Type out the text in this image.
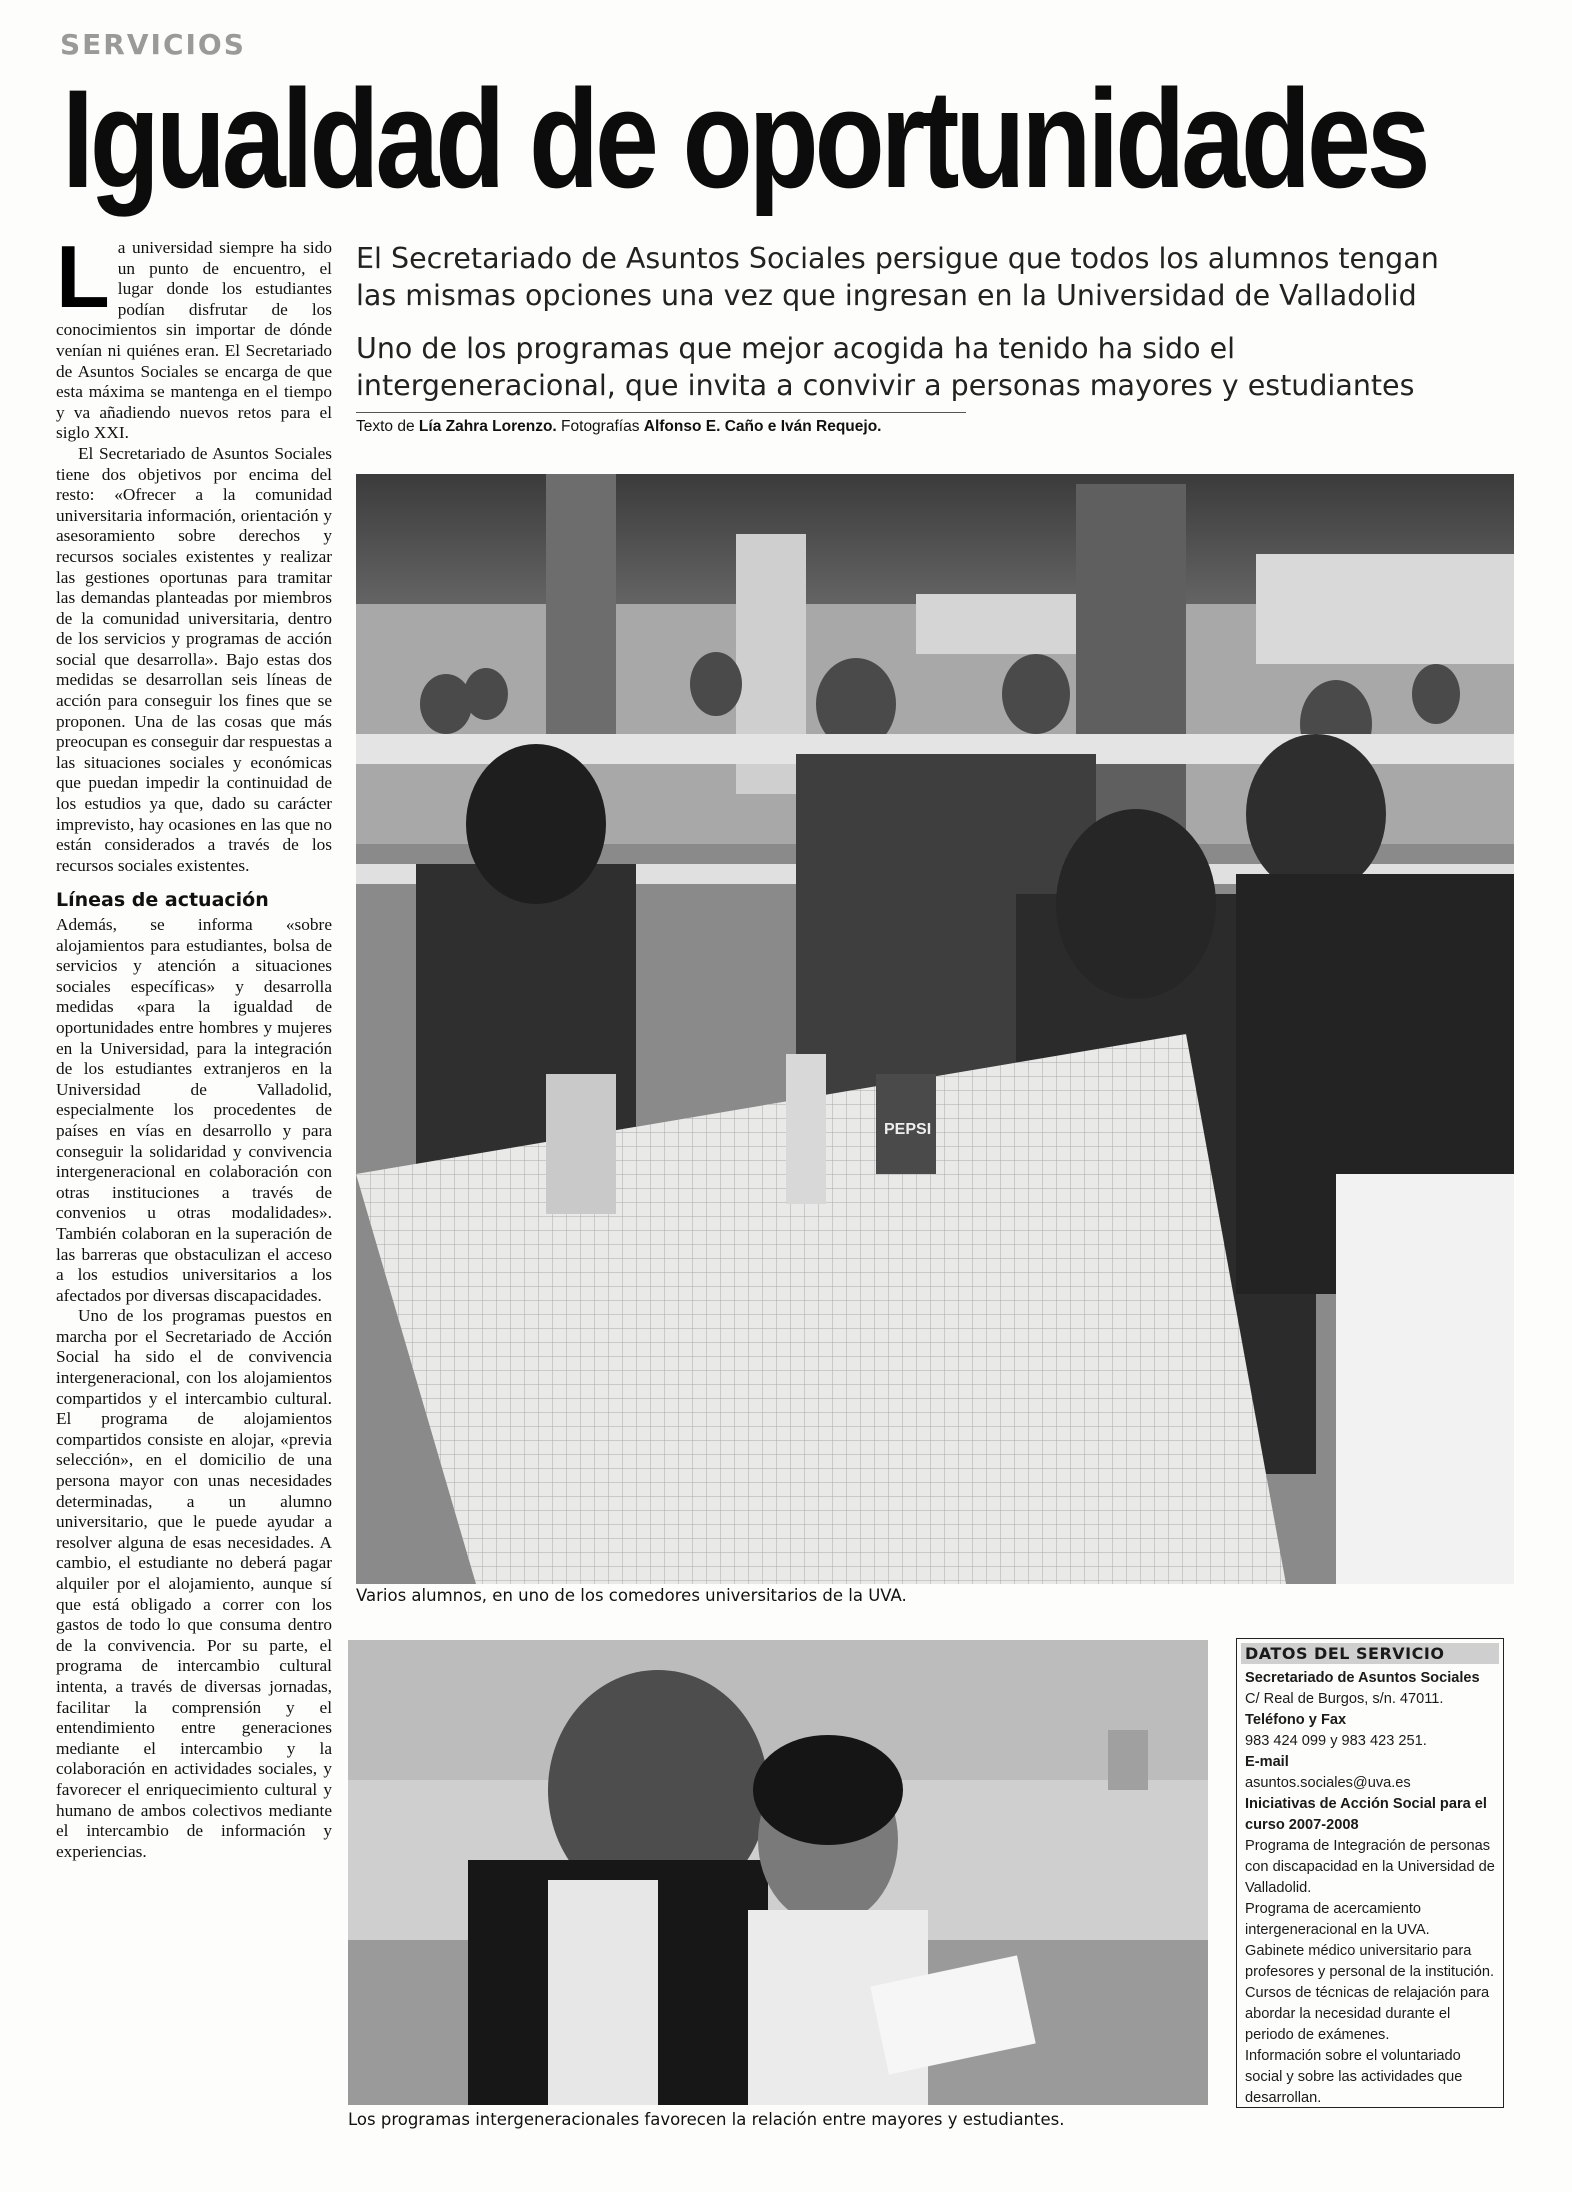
SERVICIOS
Igualdad de oportunidades

La universidad siempre ha sido un punto de encuentro, el lugar donde los estudiantes podían disfrutar de los conocimientos sin importar de dónde venían ni quiénes eran. El Secretariado de Asuntos Sociales se encarga de que esta máxima se mantenga en el tiempo y va añadiendo nuevos retos para el siglo XXI.

El Secretariado de Asuntos Sociales tiene dos objetivos por encima del resto: «Ofrecer a la comunidad universitaria información, orientación y asesoramiento sobre derechos y recursos sociales existentes y realizar las gestiones oportunas para tramitar las demandas planteadas por miembros de la comunidad universitaria, dentro de los servicios y programas de acción social que desarrolla». Bajo estas dos medidas se desarrollan seis líneas de acción para conseguir los fines que se proponen. Una de las cosas que más preocupan es conseguir dar respuestas a las situaciones sociales y económicas que puedan impedir la continuidad de los estudios ya que, dado su carácter imprevisto, hay ocasiones en las que no están considerados a través de los recursos sociales existentes.

Líneas de actuación

Además, se informa «sobre alojamientos para estudiantes, bolsa de servicios y atención a situaciones sociales específicas» y desarrolla medidas «para la igualdad de oportunidades entre hombres y mujeres en la Universidad, para la integración de los estudiantes extranjeros en la Universidad de Valladolid, especialmente los procedentes de países en vías en desarrollo y para conseguir la solidaridad y convivencia intergeneracional en colaboración con otras instituciones a través de convenios u otras modalidades». También colaboran en la superación de las barreras que obstaculizan el acceso a los estudios universitarios a los afectados por diversas discapacidades.

Uno de los programas puestos en marcha por el Secretariado de Acción Social ha sido el de convivencia intergeneracional, con los alojamientos compartidos y el intercambio cultural. El programa de alojamientos compartidos consiste en alojar, «previa selección», en el domicilio de una persona mayor con unas necesidades determinadas, a un alumno universitario, que le puede ayudar a resolver alguna de esas necesidades. A cambio, el estudiante no deberá pagar alquiler por el alojamiento, aunque sí que está obligado a correr con los gastos de todo lo que consuma dentro de la convivencia. Por su parte, el programa de intercambio cultural intenta, a través de diversas jornadas, facilitar la comprensión y el entendimiento entre generaciones mediante el intercambio y la colaboración en actividades sociales, y favorecer el enriquecimiento cultural y humano de ambos colectivos mediante el intercambio de información y experiencias.

El Secretariado de Asuntos Sociales persigue que todos los alumnos tengan las mismas opciones una vez que ingresan en la Universidad de Valladolid

Uno de los programas que mejor acogida ha tenido ha sido el intergeneracional, que invita a convivir a personas mayores y estudiantes

Texto de Lía Zahra Lorenzo. Fotografías Alfonso E. Caño e Iván Requejo.
PEPSI
Varios alumnos, en uno de los comedores universitarios de la UVA.
Los programas intergeneracionales favorecen la relación entre mayores y estudiantes.
DATOS DEL SERVICIO
Secretariado de Asuntos Sociales
C/ Real de Burgos, s/n. 47011.
Teléfono y Fax
983 424 099 y 983 423 251.
E-mail
asuntos.sociales@uva.es
Iniciativas de Acción Social para el curso 2007-2008
Programa de Integración de personas con discapacidad en la Universidad de Valladolid.
Programa de acercamiento intergeneracional en la UVA.
Gabinete médico universitario para profesores y personal de la institución.
Cursos de técnicas de relajación para abordar la necesidad durante el periodo de exámenes.
Información sobre el voluntariado social y sobre las actividades que desarrollan.
